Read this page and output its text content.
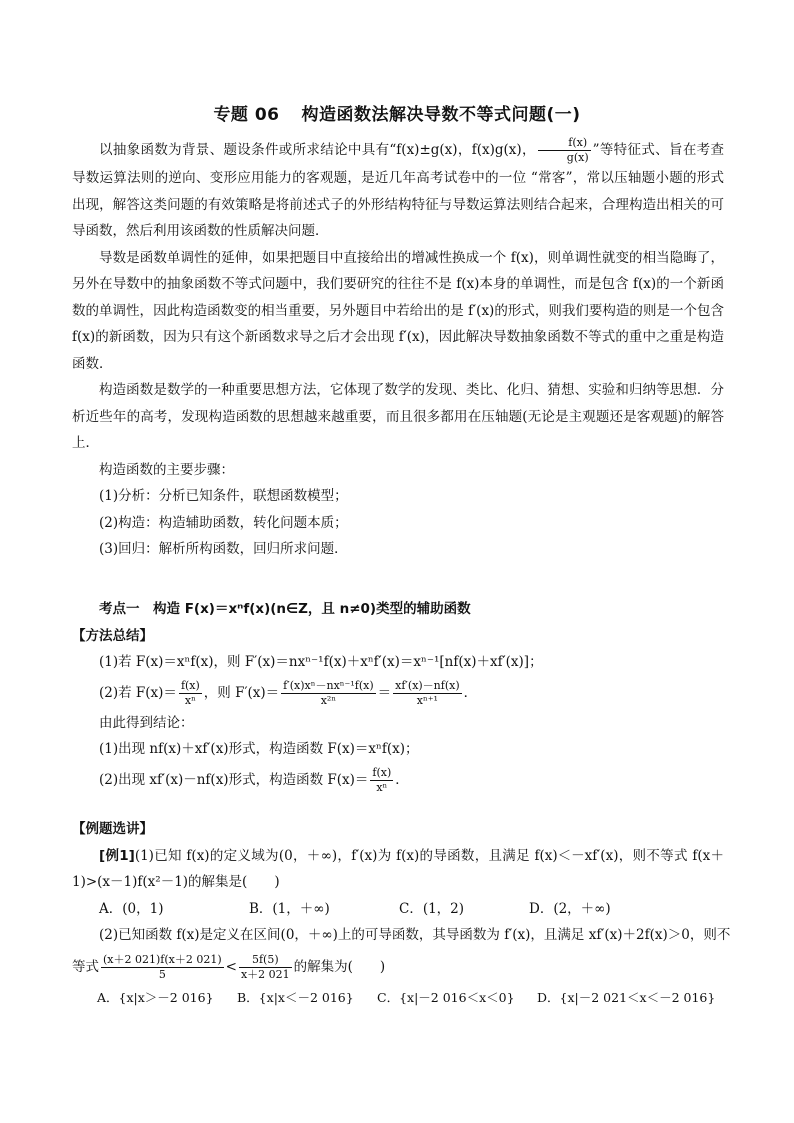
专题 06 构造函数法解决导数不等式问题(一)

以抽象函数为背景、题设条件或所求结论中具有“f(x)±g(x)，f(x)g(x)， $\frac{f(x)}{g(x)}$ ”等特征式、旨在考查导数运算法则的逆向、变形应用能力的客观题，是近几年高考试卷中的一位 “常客”，常以压轴题小题的形式出现，解答这类问题的有效策略是将前述式子的外形结构特征与导数运算法则结合起来，合理构造出相关的可导函数，然后利用该函数的性质解决问题．

导数是函数单调性的延伸，如果把题目中直接给出的增减性换成一个 f(x)，则单调性就变的相当隐晦了，另外在导数中的抽象函数不等式问题中，我们要研究的往往不是 f(x)本身的单调性，而是包含 f(x)的一个新函数的单调性，因此构造函数变的相当重要，另外题目中若给出的是 f′(x)的形式，则我们要构造的则是一个包含 f(x)的新函数，因为只有这个新函数求导之后才会出现 f′(x)，因此解决导数抽象函数不等式的重中之重是构造函数．

构造函数是数学的一种重要思想方法，它体现了数学的发现、类比、化归、猜想、实验和归纳等思想．分析近些年的高考，发现构造函数的思想越来越重要，而且很多都用在压轴题(无论是主观题还是客观题)的解答上．

构造函数的主要步骤：

(1)分析：分析已知条件，联想函数模型；

(2)构造：构造辅助函数，转化问题本质；

(3)回归：解析所构函数，回归所求问题．

考点一　构造 F(x)＝xⁿf(x)(n∈Z，且 n≠0)类型的辅助函数

【方法总结】

(1)若 F(x)＝xⁿf(x)，则 F′(x)＝nxⁿ⁻¹f(x)＋xⁿf′(x)＝xⁿ⁻¹[nf(x)＋xf′(x)]；

(2)若 $F(x)= \frac{f(x)}{\text{xⁿ}}$ ，则 $F'(x)= \frac{\text{f′(x)xⁿ－nxⁿ⁻¹f(x)}}{\text{x²ⁿ}} = \frac{xf'(x)-nf(x)}{\text{xⁿ⁺¹}}$ ．

由此得到结论：

(1)出现 nf(x)＋xf′(x)形式，构造函数 F(x)＝xⁿf(x)；

(2)出现 xf′(x)－nf(x)形式，构造函数 $F(x)= \frac{f(x)}{\text{xⁿ}}$ ．

【例题选讲】

[例1](1)已知 f(x)的定义域为(0，＋∞)，f′(x)为 f(x)的导函数，且满足 f(x)＜－xf′(x)，则不等式 f(x＋1)>(x－1)f(x²－1)的解集是(　　)

A．(0，1)	B．(1，＋∞)	C．(1，2)	D．(2，＋∞)

(2)已知函数 f(x)是定义在区间(0，＋∞)上的可导函数，其导函数为 f′(x)，且满足 xf′(x)＋2f(x)＞0，则不

等式 $\frac{(x+2 021)f(x+2 021)}{5} < \frac{5f(5)}{x+2 021}$ 的解集为(　　)

A．{x|x＞－2 016}	B．{x|x＜－2 016}	C．{x|－2 016＜x＜0}	D．{x|－2 021＜x＜－2 016}
